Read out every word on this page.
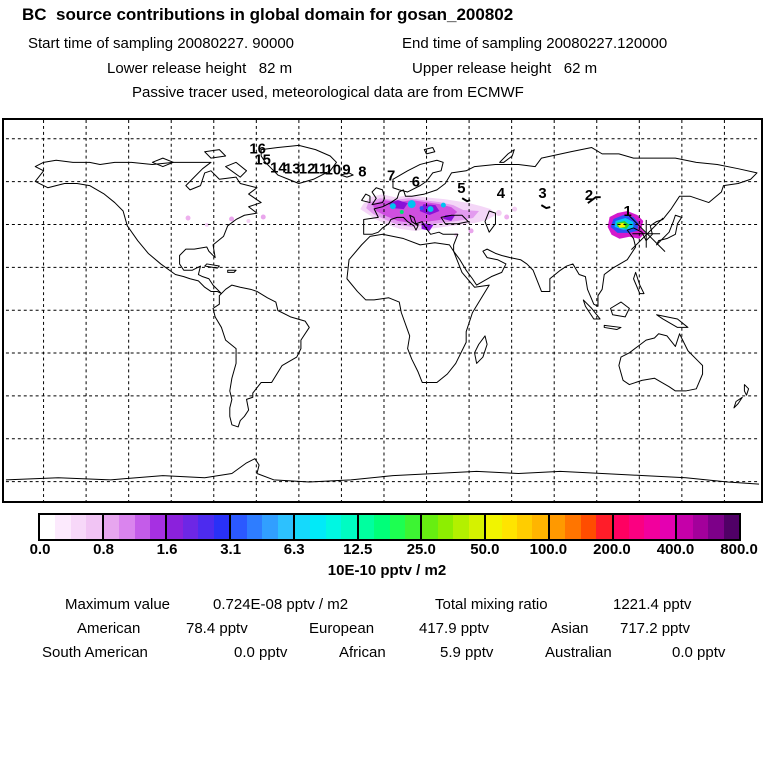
BC  source contributions in global domain for gosan_200802
Start time of sampling 20080227. 90000	End time of sampling 20080227.120000
Lower release height   82 m	Upper release height   62 m
Passive tracer used, meteorological data are from ECMWF
1
2
3
4
5
6
7
8
9
10
11
12
13
14
15
16
0.0	0.8	1.6	3.1	6.3	12.5 25.0 50.0 100.0 200.0 400.0 800.0
10E-10 pptv / m2
Maximum value	0.724E-08 pptv / m2	Total mixing ratio	1221.4 pptv
American	78.4 pptv	European	417.9 pptv	Asian 717.2 pptv
South American	0.0 pptv	African	5.9 pptv	Australian	0.0 pptv
